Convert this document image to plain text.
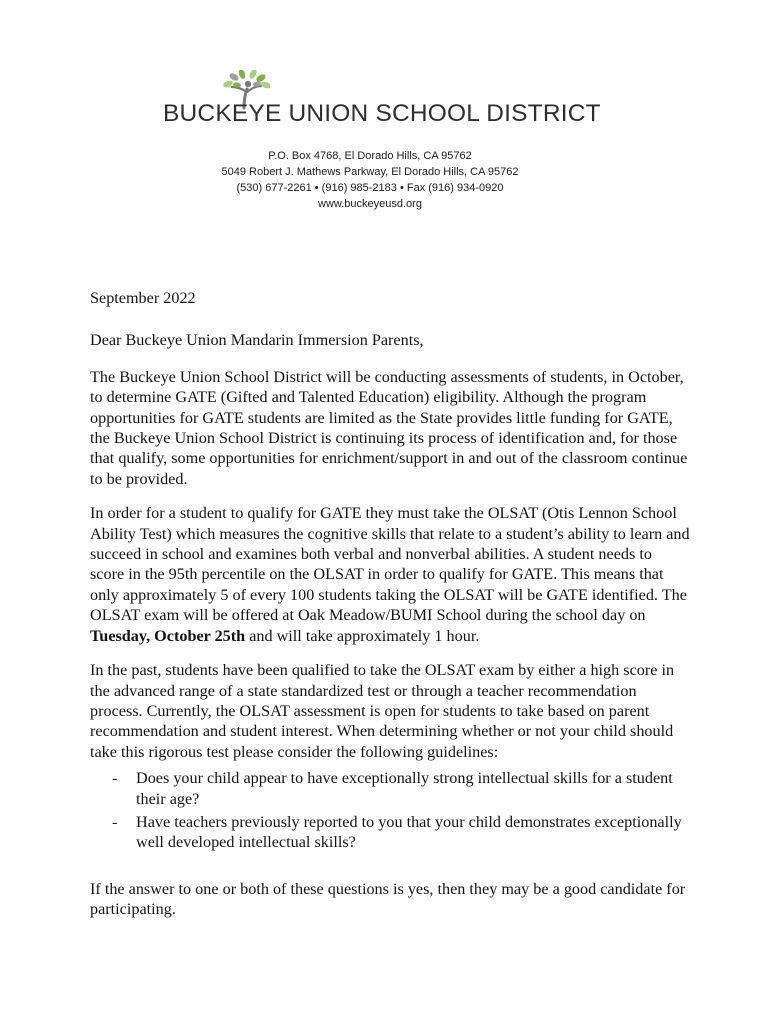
BUCKEYE UNION SCHOOL DISTRICT
P.O. Box 4768, El Dorado Hills, CA 95762
5049 Robert J. Mathews Parkway, El Dorado Hills, CA 95762
(530) 677-2261 • (916) 985-2183 • Fax (916) 934-0920
www.buckeyeusd.org

September 2022

Dear Buckeye Union Mandarin Immersion Parents,

The Buckeye Union School District will be conducting assessments of students, in October, to determine GATE (Gifted and Talented Education) eligibility. Although the program opportunities for GATE students are limited as the State provides little funding for GATE, the Buckeye Union School District is continuing its process of identification and, for those that qualify, some opportunities for enrichment/support in and out of the classroom continue to be provided.

In order for a student to qualify for GATE they must take the OLSAT (Otis Lennon School Ability Test) which measures the cognitive skills that relate to a student’s ability to learn and succeed in school and examines both verbal and nonverbal abilities. A student needs to score in the 95th percentile on the OLSAT in order to qualify for GATE. This means that only approximately 5 of every 100 students taking the OLSAT will be GATE identified. The OLSAT exam will be offered at Oak Meadow/BUMI School during the school day on Tuesday, October 25th and will take approximately 1 hour.

In the past, students have been qualified to take the OLSAT exam by either a high score in the advanced range of a state standardized test or through a teacher recommendation process. Currently, the OLSAT assessment is open for students to take based on parent recommendation and student interest. When determining whether or not your child should take this rigorous test please consider the following guidelines:

- Does your child appear to have exceptionally strong intellectual skills for a student their age?
- Have teachers previously reported to you that your child demonstrates exceptionally well developed intellectual skills?

If the answer to one or both of these questions is yes, then they may be a good candidate for participating.
